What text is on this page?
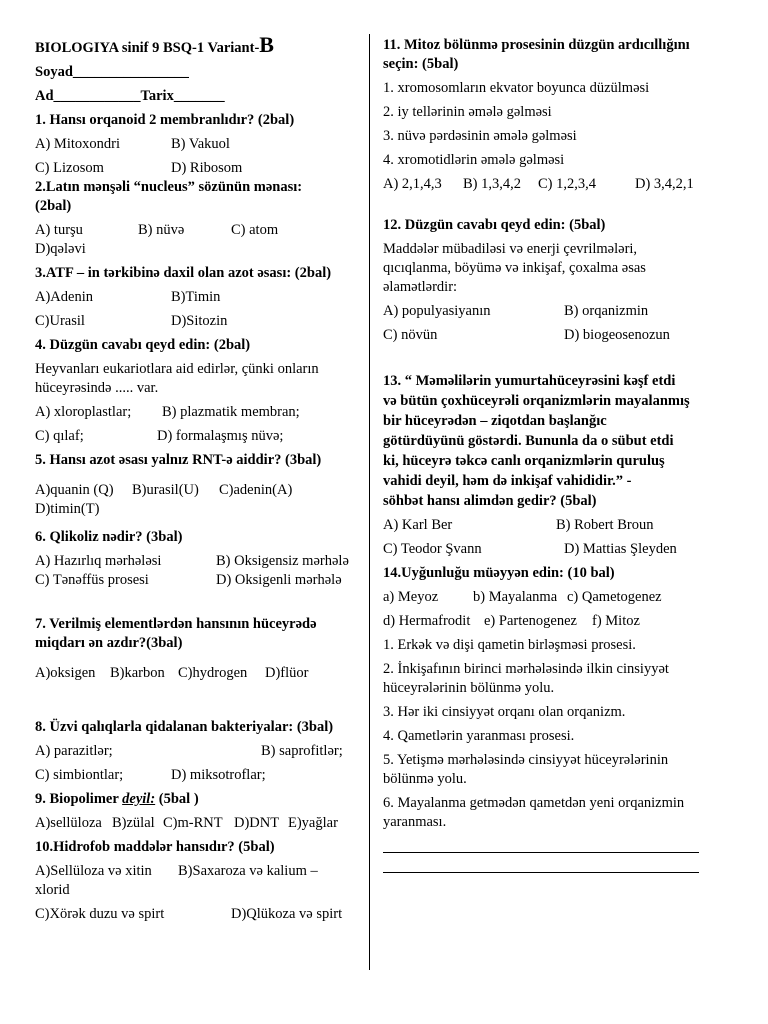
BIOLOGIYA sinif 9 BSQ-1 Variant-B
Soyad________________
Ad____________Tarix_______
1. Hansı orqanoid 2 membranlıdır? (2bal)
A) Mitoxondri	B) Vakuol
C) Lizosom	D) Ribosom
2.Latın mənşəli “nucleus” sözünün mənası:
(2bal)
A) turşu	B) nüvə	C) atom
D)qələvi
3.ATF – in tərkibinə daxil olan azot əsası: (2bal)
A)Adenin	B)Timin
C)Urasil	D)Sitozin
4. Düzgün cavabı qeyd edin: (2bal)
Heyvanları eukariotlara aid edirlər, çünki onların
hüceyrəsində ..... var.
A) xloroplastlar; B) plazmatik membran;
C) qılaf;	D) formalaşmış nüvə;
5. Hansı azot əsası yalnız RNT-ə aiddir? (3bal)
A)quanin (Q) B)urasil(U) C)adenin(A)
D)timin(T)
6. Qlikoliz nədir? (3bal)
A) Hazırlıq mərhələsi	B) Oksigensiz mərhələ
C) Tənəffüs prosesi	D) Oksigenli mərhələ
7. Verilmiş elementlərdən hansının hüceyrədə
miqdarı ən azdır?(3bal)
A)oksigen B)karbon C)hydrogen D)flüor
8. Üzvi qalıqlarla qidalanan bakteriyalar: (3bal)
A) parazitlər;	B) saprofitlər;
C) simbiontlar;	D) miksotroflar;
9. Biopolimer deyil: (5bal )
A)sellüloza B)zülal C)m-RNT D)DNT E)yağlar
10.Hidrofob maddələr hansıdır? (5bal)
A)Sellüloza və xitin B)Saxaroza və kalium –
xlorid
C)Xörək duzu və spirt	D)Qlükoza və spirt
11. Mitoz bölünmə prosesinin düzgün ardıcıllığını
seçin: (5bal)
1. xromosomların ekvator boyunca düzülməsi
2. iy tellərinin əmələ gəlməsi
3. nüvə pərdəsinin əmələ gəlməsi
4. xromotidlərin əmələ gəlməsi
A) 2,1,4,3 B) 1,3,4,2 C) 1,2,3,4	D) 3,4,2,1
12. Düzgün cavabı qeyd edin: (5bal)
Maddələr mübadiləsi və enerji çevrilmələri,
qıcıqlanma, böyümə və inkişaf, çoxalma əsas
əlamətlərdir:
A) populyasiyanın	B) orqanizmin
C) növün	D) biogeosenozun
13. “ Məməlilərin yumurtahüceyrəsini kəşf etdi
və bütün çoxhüceyrəli orqanizmlərin mayalanmış
bir hüceyrədən – ziqotdan başlanğıc
götürdüyünü göstərdi. Bununla da o sübut etdi
ki, hüceyrə təkcə canlı orqanizmlərin quruluş
vahidi deyil, həm də inkişaf vahididir.” -
söhbət hansı alimdən gedir? (5bal)
A) Karl Ber	B) Robert Broun
C) Teodor Şvann	D) Mattias Şleyden
14.Uyğunluğu müəyyən edin: (10 bal)
a) Meyoz b) Mayalanma c) Qametogenez
d) Hermafrodit e) Partenogenez f) Mitoz
1. Erkək və dişi qametin birləşməsi prosesi.
2. İnkişafının birinci mərhələsində ilkin cinsiyyət
hüceyrələrinin bölünmə yolu.
3. Hər iki cinsiyyət orqanı olan orqanizm.
4. Qametlərin yaranması prosesi.
5. Yetişmə mərhələsində cinsiyyət hüceyrələrinin
bölünmə yolu.
6. Mayalanma getmədən qametdən yeni orqanizmin
yaranması.
